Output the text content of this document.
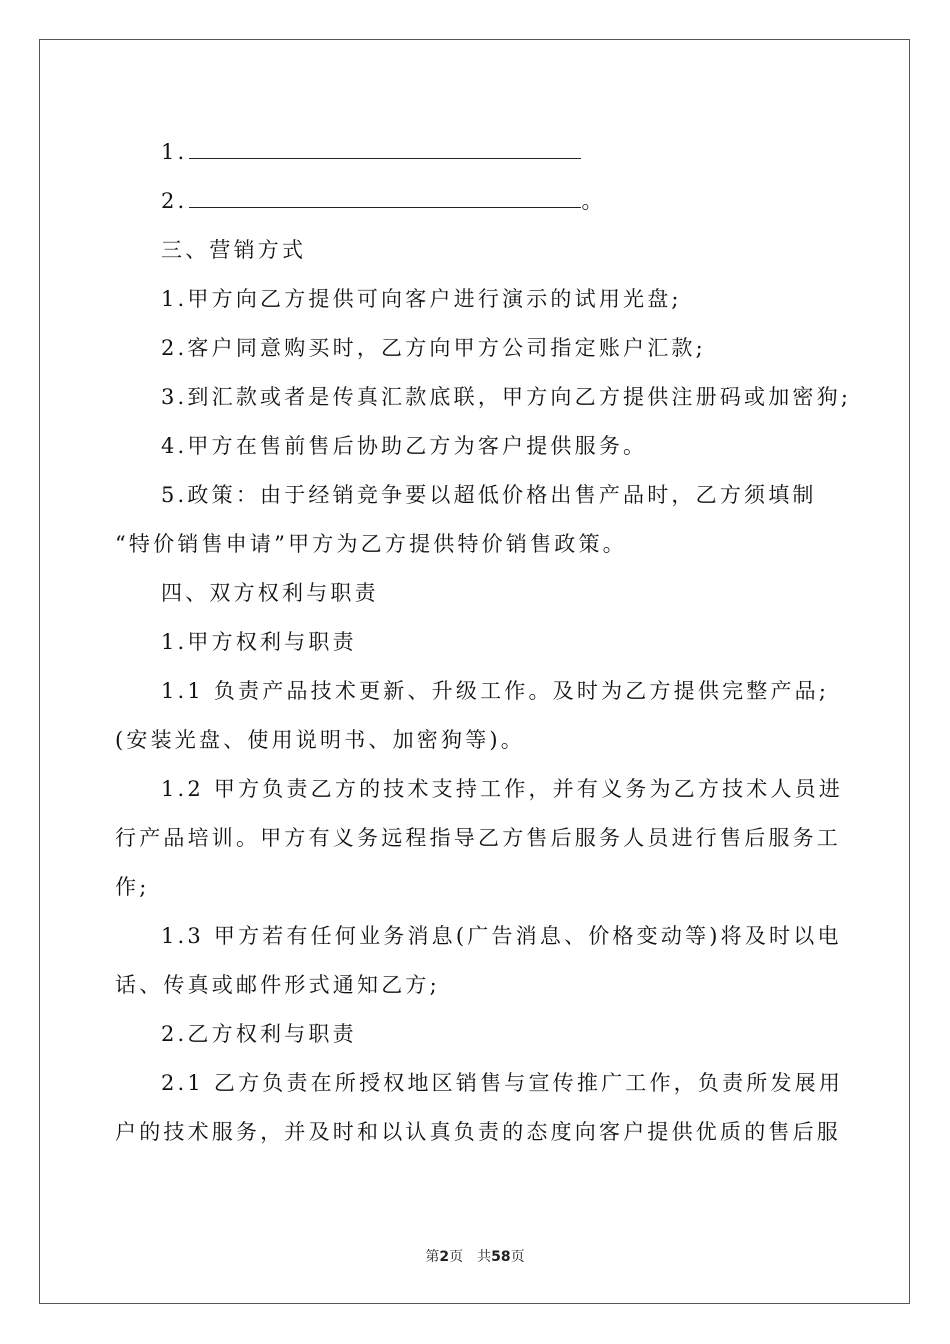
1.
2.	。
三、营销方式
1.甲方向乙方提供可向客户进行演示的试用光盘;
2.客户同意购买时，乙方向甲方公司指定账户汇款;
3.到汇款或者是传真汇款底联，甲方向乙方提供注册码或加密狗;
4.甲方在售前售后协助乙方为客户提供服务。
5.政策：由于经销竞争要以超低价格出售产品时，乙方须填制
“特价销售申请”甲方为乙方提供特价销售政策。
四、双方权利与职责
1.甲方权利与职责
1.1 负责产品技术更新、升级工作。及时为乙方提供完整产品;
(安装光盘、使用说明书、加密狗等)。
1.2 甲方负责乙方的技术支持工作，并有义务为乙方技术人员进
行产品培训。甲方有义务远程指导乙方售后服务人员进行售后服务工
作;
1.3 甲方若有任何业务消息(广告消息、价格变动等)将及时以电
话、传真或邮件形式通知乙方;
2.乙方权利与职责
2.1 乙方负责在所授权地区销售与宣传推广工作，负责所发展用
户的技术服务，并及时和以认真负责的态度向客户提供优质的售后服
第2页 共58页
